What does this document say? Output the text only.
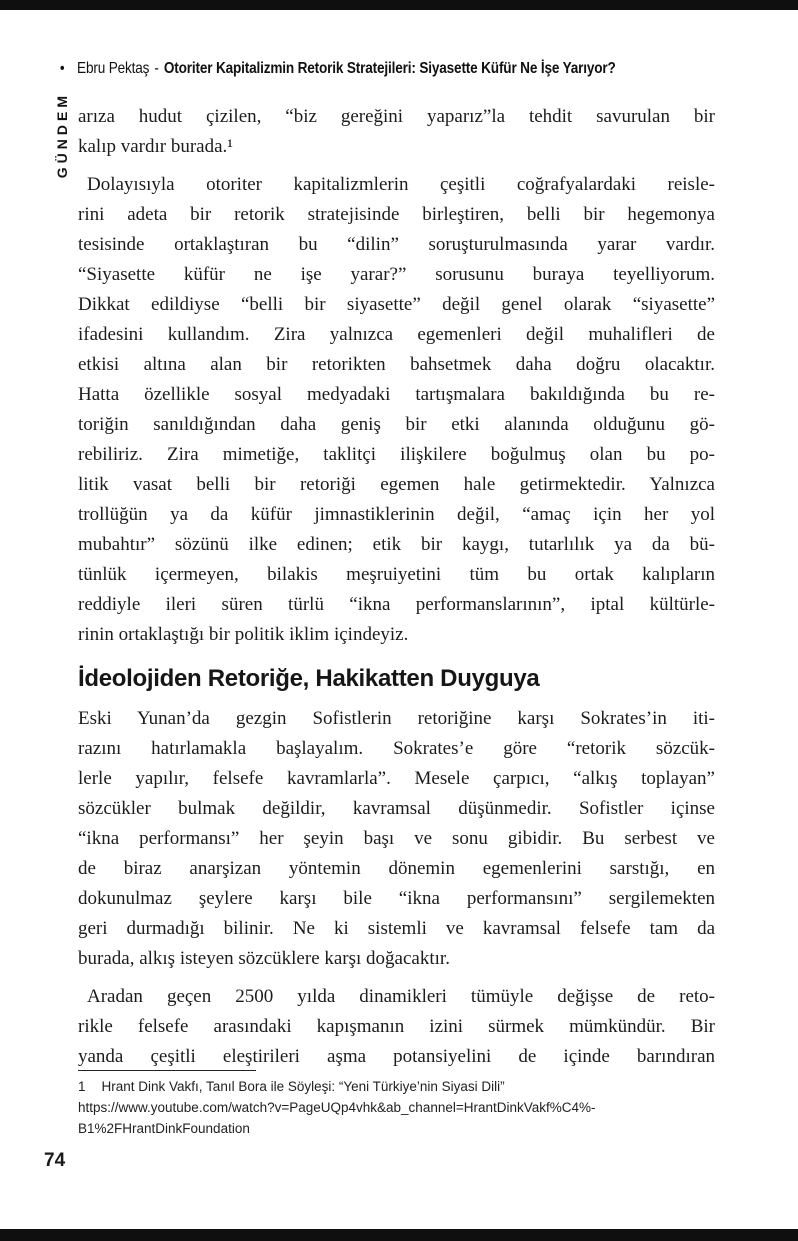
• Ebru Pektaş - Otoriter Kapitalizmin Retorik Stratejileri: Siyasette Küfür Ne İşe Yarıyor?
GÜNDEM arıza hudut çizilen, “biz gereğini yaparız”la tehdit savurulan bir
kalıp vardır burada.¹
Dolayısıyla otoriter kapitalizmlerin çeşitli coğrafyalardaki reisle-
rini adeta bir retorik stratejisinde birleştiren, belli bir hegemonya
tesisinde ortaklaştıran bu “dilin” soruşturulmasında yarar vardır.
“Siyasette küfür ne işe yarar?” sorusunu buraya teyelliyorum.
Dikkat edildiyse “belli bir siyasette” değil genel olarak “siyasette”
ifadesini kullandım. Zira yalnızca egemenleri değil muhalifleri de
etkisi altına alan bir retorikten bahsetmek daha doğru olacaktır.
Hatta özellikle sosyal medyadaki tartışmalara bakıldığında bu re-
toriğin sanıldığından daha geniş bir etki alanında olduğunu gö-
rebiliriz. Zira mimetiğe, taklitçi ilişkilere boğulmuş olan bu po-
litik vasat belli bir retoriği egemen hale getirmektedir. Yalnızca
trollüğün ya da küfür jimnastiklerinin değil, “amaç için her yol
mubahtır” sözünü ilke edinen; etik bir kaygı, tutarlılık ya da bü-
tünlük içermeyen, bilakis meşruiyetini tüm bu ortak kalıpların
reddiyle ileri süren türlü “ikna performanslarının”, iptal kültürle-
rinin ortaklaştığı bir politik iklim içindeyiz.
İdeolojiden Retoriğe, Hakikatten Duyguya
Eski Yunan’da gezgin Sofistlerin retoriğine karşı Sokrates’in iti-
razını hatırlamakla başlayalım. Sokrates’e göre “retorik sözcük-
lerle yapılır, felsefe kavramlarla”. Mesele çarpıcı, “alkış toplayan”
sözcükler bulmak değildir, kavramsal düşünmedir. Sofistler içinse
“ikna performansı” her şeyin başı ve sonu gibidir. Bu serbest ve
de biraz anarşizan yöntemin dönemin egemenlerini sarstığı, en
dokunulmaz şeylere karşı bile “ikna performansını” sergilemekten
geri durmadığı bilinir. Ne ki sistemli ve kavramsal felsefe tam da
burada, alkış isteyen sözcüklere karşı doğacaktır.
Aradan geçen 2500 yılda dinamikleri tümüyle değişse de reto-
rikle felsefe arasındaki kapışmanın izini sürmek mümkündür. Bir
yanda çeşitli eleştirileri aşma potansiyelini de içinde barındıran
1 Hrant Dink Vakfı, Tanıl Bora ile Söyleşi: “Yeni Türkiye’nin Siyasi Dili”
https://www.youtube.com/watch?v=PageUQp4vhk&ab_channel=HrantDinkVakf%C4%-
B1%2FHrantDinkFoundation
74
